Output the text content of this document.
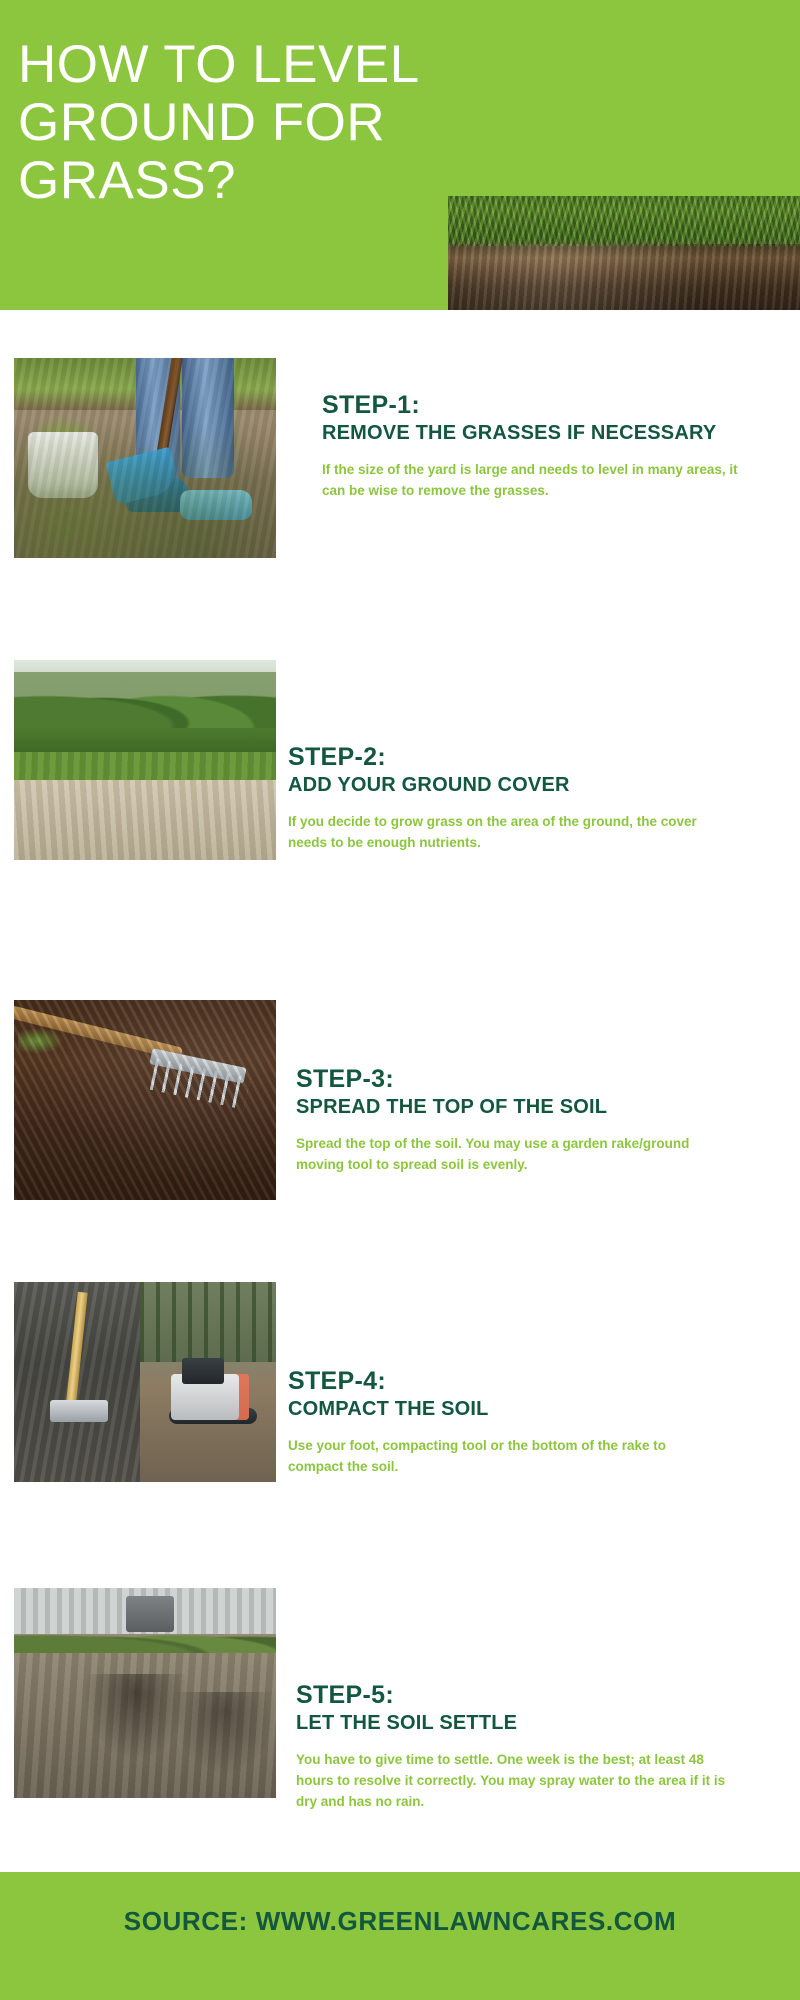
HOW TO LEVEL GROUND FOR GRASS?
STEP-1:
REMOVE THE GRASSES IF NECESSARY
If the size of the yard is large and needs to level in many areas, it can be wise to remove the grasses.
STEP-2:
ADD YOUR GROUND COVER
If you decide to grow grass on the area of the ground, the cover needs to be enough nutrients.
STEP-3:
SPREAD THE TOP OF THE SOIL
Spread the top of the soil. You may use a garden rake/ground moving tool to spread soil is evenly.
STEP-4:
COMPACT THE SOIL
Use your foot, compacting tool or the bottom of the rake to compact the soil.
STEP-5:
LET THE SOIL SETTLE
You have to give time to settle. One week is the best; at least 48 hours to resolve it correctly. You may spray water to the area if it is dry and has no rain.
SOURCE: WWW.GREENLAWNCARES.COM
